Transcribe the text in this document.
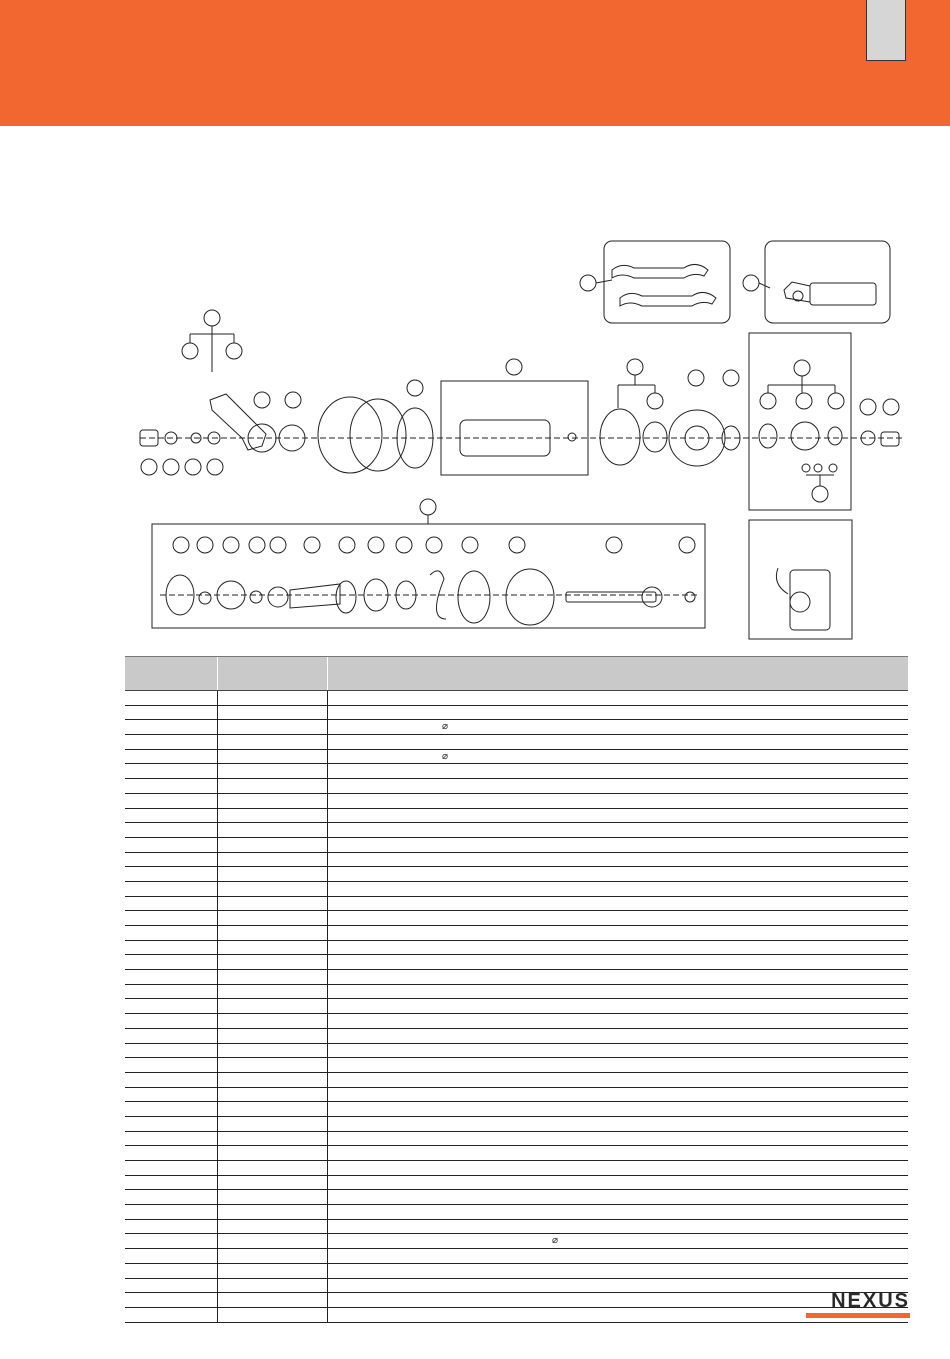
⌀
⌀
⌀
NEXUS
